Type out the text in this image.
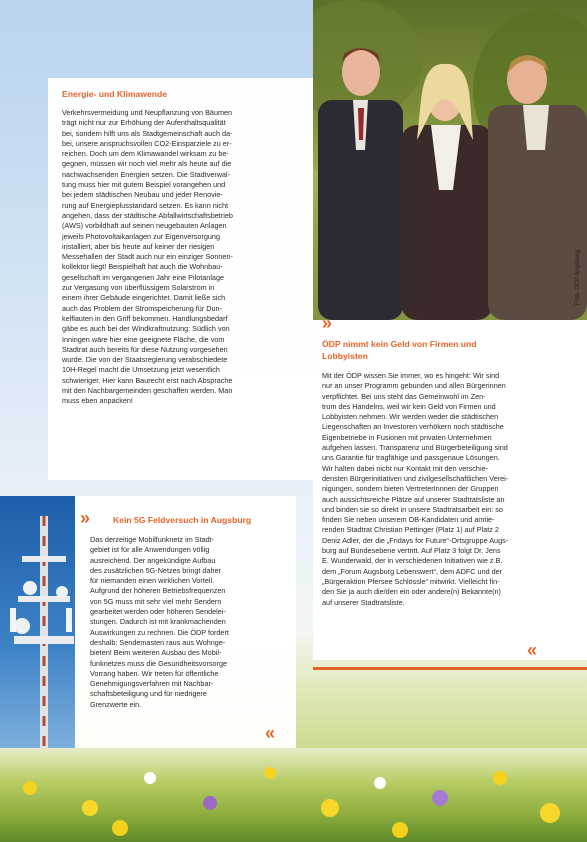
Foto: ÖDP Augsburg
Energie- und Klimawende

Verkehrsvermeidung und Neupflanzung von Bäumen
trägt nicht nur zur Erhöhung der Aufenthaltsqualität
bei, sondern hilft uns als Stadtgemeinschaft auch da-
bei, unsere anspruchsvollen CO2-Einsparziele zu er-
reichen. Doch um dem Klimawandel wirksam zu be-
gegnen, müssen wir noch viel mehr als heute auf die
nachwachsenden Energien setzen. Die Stadtverwal-
tung muss hier mit gutem Beispiel vorangehen und
bei jedem städtischen Neubau und jeder Renovie-
rung auf Energieplusstandard setzen. Es kann nicht
angehen, dass der städtische Abfallwirtschaftsbetrieb
(AWS) vorbildhaft auf seinen neugebauten Anlagen
jeweils Photovoltaikanlagen zur Eigenversorgung
installiert, aber bis heute auf keiner der riesigen
Messehallen der Stadt auch nur ein einziger Sonnen-
kollektor liegt! Beispielhaft hat auch die Wohnbau-
gesellschaft im vergangenen Jahr eine Pilotanlage
zur Vergasung von überflüssigem Solarstrom in
einem ihrer Gebäude eingerichtet. Damit ließe sich
auch das Problem der Stromspeicherung für Dun-
kelflauten in den Griff bekommen. Handlungsbedarf
gäbe es auch bei der Windkraftnutzung: Südlich von
Inningen wäre hier eine geeignete Fläche, die vom
Stadtrat auch bereits für diese Nutzung vorgesehen
wurde. Die von der Staatsregierung verabschiedete
10H-Regel macht die Umsetzung jetzt wesentlich
schwieriger. Hier kann Baurecht erst nach Absprache
mit den Nachbargemeinden geschaffen werden. Man
muss eben anpacken!

»
ÖDP nimmt kein Geld von Firmen und
Lobbyisten

Mit der ÖDP wissen Sie immer, wo es hingeht: Wir sind
nur an unser Programm gebunden und allen Bürgerinnen
verpflichtet. Bei uns steht das Gemeinwohl im Zen-
trum des Handelns, weil wir kein Geld von Firmen und
Lobbyisten nehmen. Wir werden weder die städtischen
Liegenschaften an Investoren verhökern noch städtische
Eigenbetriebe in Fusionen mit privaten Unternehmen
aufgehen lassen. Transparenz und Bürgerbeteiligung sind
uns Garantie für tragfähige und passgenaue Lösungen.
Wir halten dabei nicht nur Kontakt mit den verschie-
densten Bürgerinitiativen und zivilgesellschaftlichen Verei-
nigungen, sondern bieten VertreterInnnen der Gruppen
auch aussichtsreiche Plätze auf unserer Stadtratsliste an
und binden sie so direkt in unsere Stadtratsarbeit ein: so
finden Sie neben unserem OB-Kandidaten und amtie-
renden Stadtrat Christian Pettinger (Platz 1) auf Platz 2
Deniz Adler, der die „Fridays for Future“-Ortsgruppe Augs-
burg auf Bundesebene vertritt. Auf Platz 3 folgt Dr. Jens
E. Wunderwald, der in verschiedenen Initiativen wie z.B.
dem „Forum Augsburg Lebenswert“, dem ADFC und der
„Bürgeraktion Pfersee Schlössle“ mitwirkt. Vielleicht fin-
den Sie ja auch die/den ein oder andere(n) Bekannte(n)
auf unserer Stadtratsliste.

«
»	Kein 5G Feldversuch in Augsburg

Das derzeitige Mobilfunknetz im Stadt-
gebiet ist für alle Anwendungen völlig
ausreichend. Der angekündigte Aufbau
des zusätzlichen 5G-Netzes bringt daher
für niemanden einen wirklichen Vorteil.
Aufgrund der höheren Betriebsfrequenzen
von 5G muss mit sehr viel mehr Sendern
gearbeitet werden oder höheren Sendelei-
stungen. Dadurch ist mit krankmachenden
Auswirkungen zu rechnen. Die ÖDP fordert
deshalb: Sendemasten raus aus Wohnge-
bieten! Beim weiteren Ausbau des Mobil-
funknetzes muss die Gesundheitsvorsorge
Vorrang haben. Wir treten für öffentliche
Genehmigungsverfahren mit Nachbar-
schaftsbeteiligung und für niedrigere
Grenzwerte ein.

«
